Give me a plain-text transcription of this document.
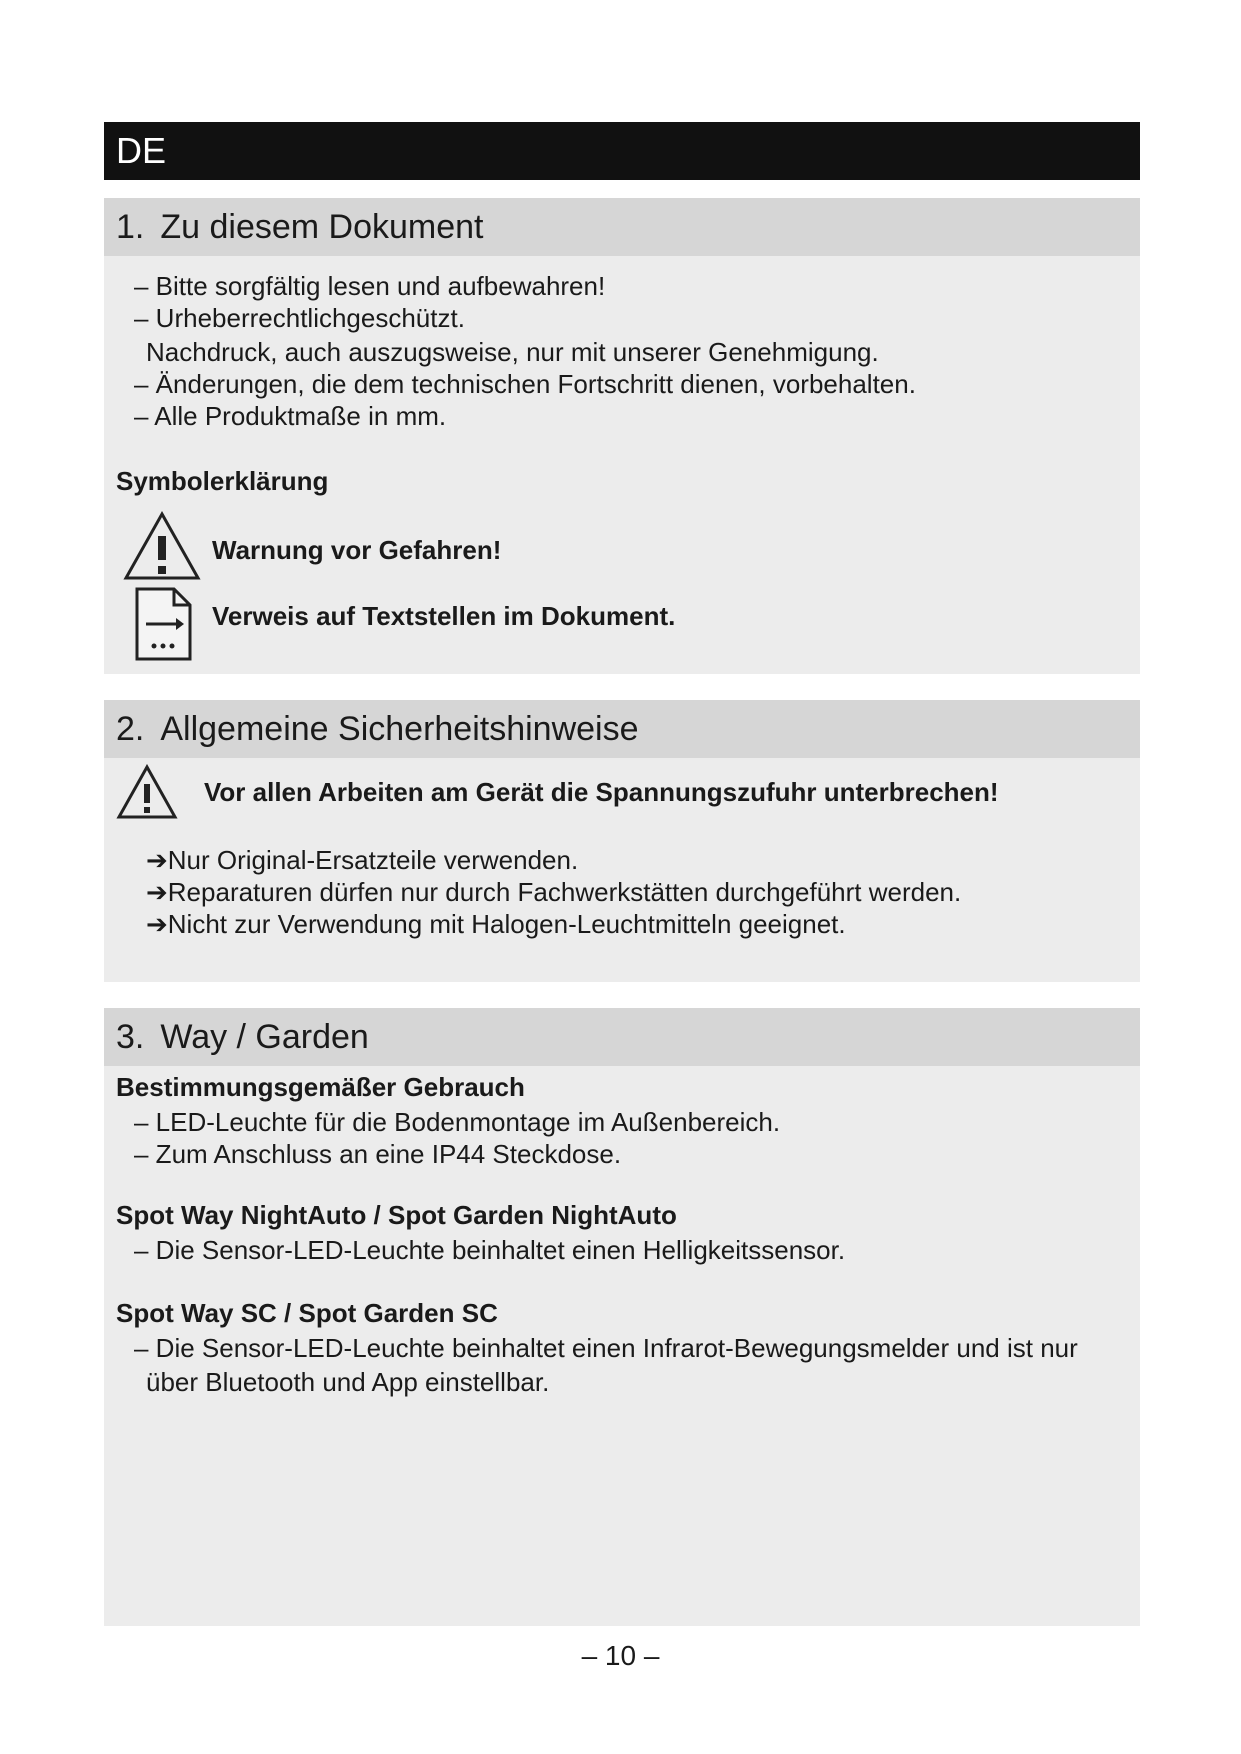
DE
1. Zu diesem Dokument
– Bitte sorgfältig lesen und aufbewahren!
– Urheberrechtlichgeschützt.
Nachdruck, auch auszugsweise, nur mit unserer Genehmigung.
– Änderungen, die dem technischen Fortschritt dienen, vorbehalten.
– Alle Produktmaße in mm.
Symbolerklärung
Warnung vor Gefahren!
Verweis auf Textstellen im Dokument.
2. Allgemeine Sicherheitshinweise
Vor allen Arbeiten am Gerät die Spannungszufuhr unterbrechen!
➔Nur Original-Ersatzteile verwenden.
➔Reparaturen dürfen nur durch Fachwerkstätten durchgeführt werden.
➔Nicht zur Verwendung mit Halogen-Leuchtmitteln geeignet.
3. Way / Garden
Bestimmungsgemäßer Gebrauch
– LED-Leuchte für die Bodenmontage im Außenbereich.
– Zum Anschluss an eine IP44 Steckdose.
Spot Way NightAuto / Spot Garden NightAuto
– Die Sensor-LED-Leuchte beinhaltet einen Helligkeitssensor.
Spot Way SC / Spot Garden SC
– Die Sensor-LED-Leuchte beinhaltet einen Infrarot-Bewegungsmelder und ist nur
über Bluetooth und App einstellbar.
– 10 –
